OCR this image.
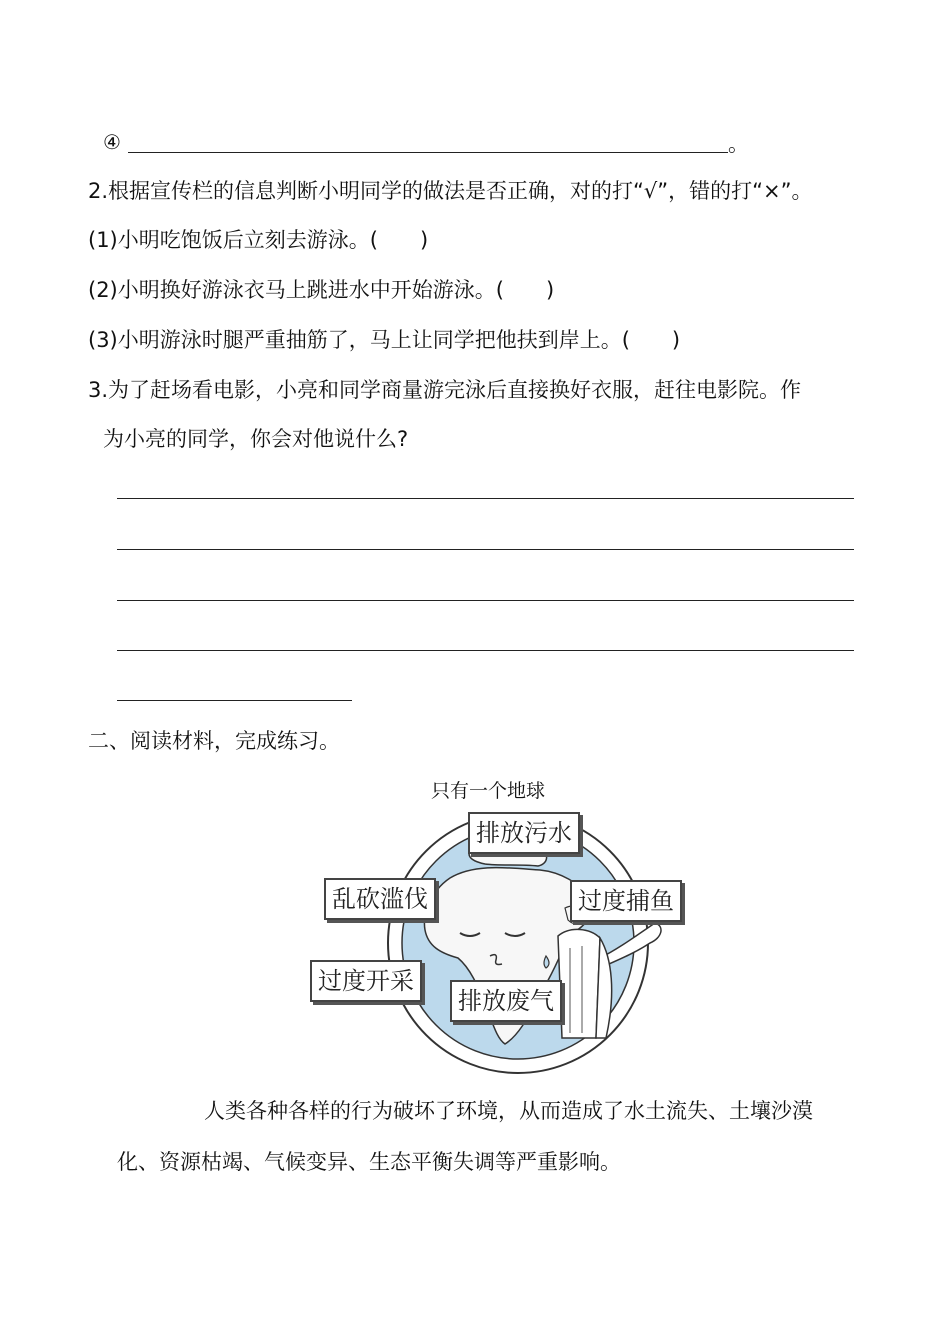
④	。
2.根据宣传栏的信息判断小明同学的做法是否正确，对的打“√”，错的打“×”。
(1)小明吃饱饭后立刻去游泳。(　　)
(2)小明换好游泳衣马上跳进水中开始游泳。(　　)
(3)小明游泳时腿严重抽筋了，马上让同学把他扶到岸上。(　　)
3.为了赶场看电影，小亮和同学商量游完泳后直接换好衣服，赶往电影院。作
为小亮的同学，你会对他说什么?
二、阅读材料，完成练习。
只有一个地球
排放污水
乱砍滥伐	过度捕鱼
过度开采
排放废气
人类各种各样的行为破坏了环境，从而造成了水土流失、土壤沙漠
化、资源枯竭、气候变异、生态平衡失调等严重影响。
